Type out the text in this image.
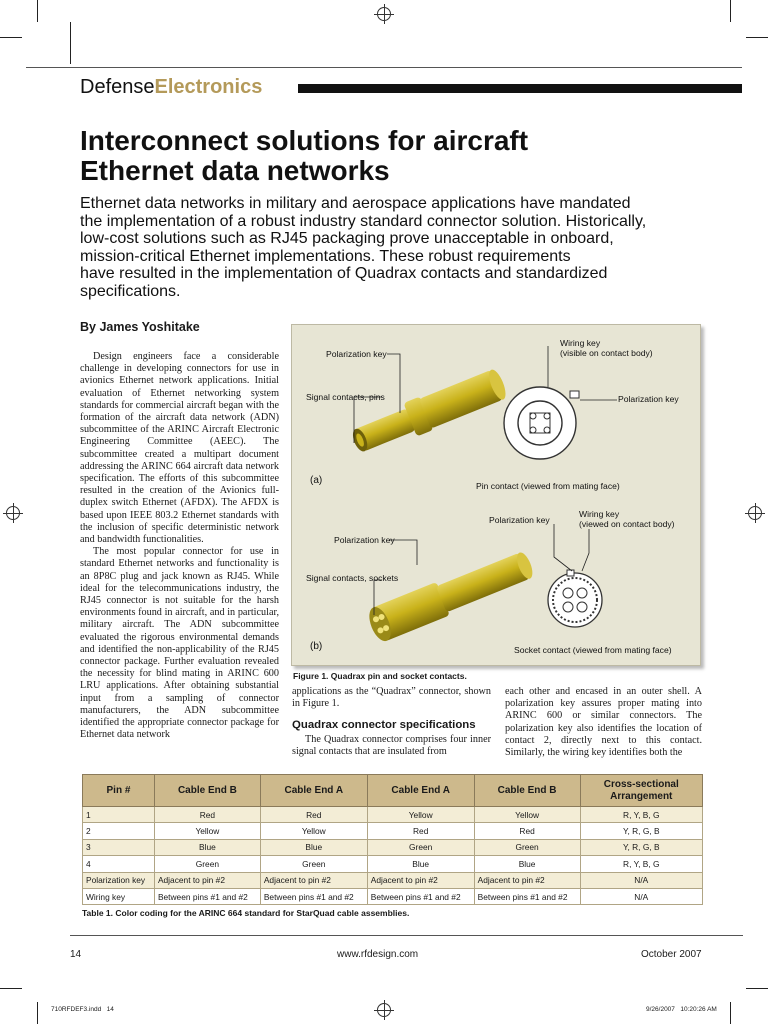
DefenseElectronics
Interconnect solutions for aircraft
Ethernet data networks
Ethernet data networks in military and aerospace applications have mandated
the implementation of a robust industry standard connector solution. Historically,
low-cost solutions such as RJ45 packaging prove unacceptable in onboard,
mission-critical Ethernet implementations. These robust requirements
have resulted in the implementation of Quadrax contacts and standardized
specifications.
By James Yoshitake

Design engineers face a considerable challenge in developing connectors for use in avionics Ethernet network applications. Initial evaluation of Ethernet networking system standards for commercial aircraft began with the formation of the aircraft data network (ADN) subcommittee of the ARINC Aircraft Electronic Engineering Committee (AEEC). The subcommittee created a multipart document addressing the ARINC 664 aircraft data network specification. The efforts of this subcommittee resulted in the creation of the Avionics full-duplex switch Ethernet (AFDX). The AFDX is based upon IEEE 803.2 Ethernet standards with the inclusion of specific deterministic network and bandwidth functionalities.

The most popular connector for use in standard Ethernet networks and functionality is an 8P8C plug and jack known as RJ45. While ideal for the telecommunications industry, the RJ45 connector is not suitable for the harsh environments found in aircraft, and in particular, military aircraft. The ADN subcommittee evaluated the rigorous environmental demands and identified the non-applicability of the RJ45 connector package. Further evaluation revealed the necessity for blind mating in ARINC 600 LRU applications. After obtaining substantial input from a sampling of connector manufacturers, the ADN subcommittee identified the appropriate connector package for Ethernet data network

Polarization key
Signal contacts, pins
Wiring key
(visible on contact body)
Polarization key
(a)	Pin contact (viewed from mating face)
Polarization key
Wiring key
(viewed on contact body)
Polarization key
Signal contacts, sockets
(b)	Socket contact (viewed from mating face)
Figure 1. Quadrax pin and socket contacts.

applications as the “Quadrax” connector, shown in Figure 1.

Quadrax connector specifications

The Quadrax connector comprises four inner signal contacts that are insulated from

each other and encased in an outer shell. A polarization key assures proper mating into ARINC 600 or similar connectors. The polarization key also identifies the location of contact 2, directly next to this contact. Similarly, the wiring key identifies both the

Pin #	Cable End B	Cable End A	Cable End A	Cable End B	Cross-sectional Arrangement
1	Red	Red	Yellow	Yellow	R, Y, B, G
2	Yellow	Yellow	Red	Red	Y, R, G, B
3	Blue	Blue	Green	Green	Y, R, G, B
4	Green	Green	Blue	Blue	R, Y, B, G
Polarization key	Adjacent to pin #2	Adjacent to pin #2	Adjacent to pin #2	Adjacent to pin #2	N/A
Wiring key	Between pins #1 and #2	Between pins #1 and #2	Between pins #1 and #2	Between pins #1 and #2	N/A
Table 1. Color coding for the ARINC 664 standard for StarQuad cable assemblies.
14	www.rfdesign.com	October 2007
710RFDEF3.indd   14	9/26/2007   10:20:26 AM
